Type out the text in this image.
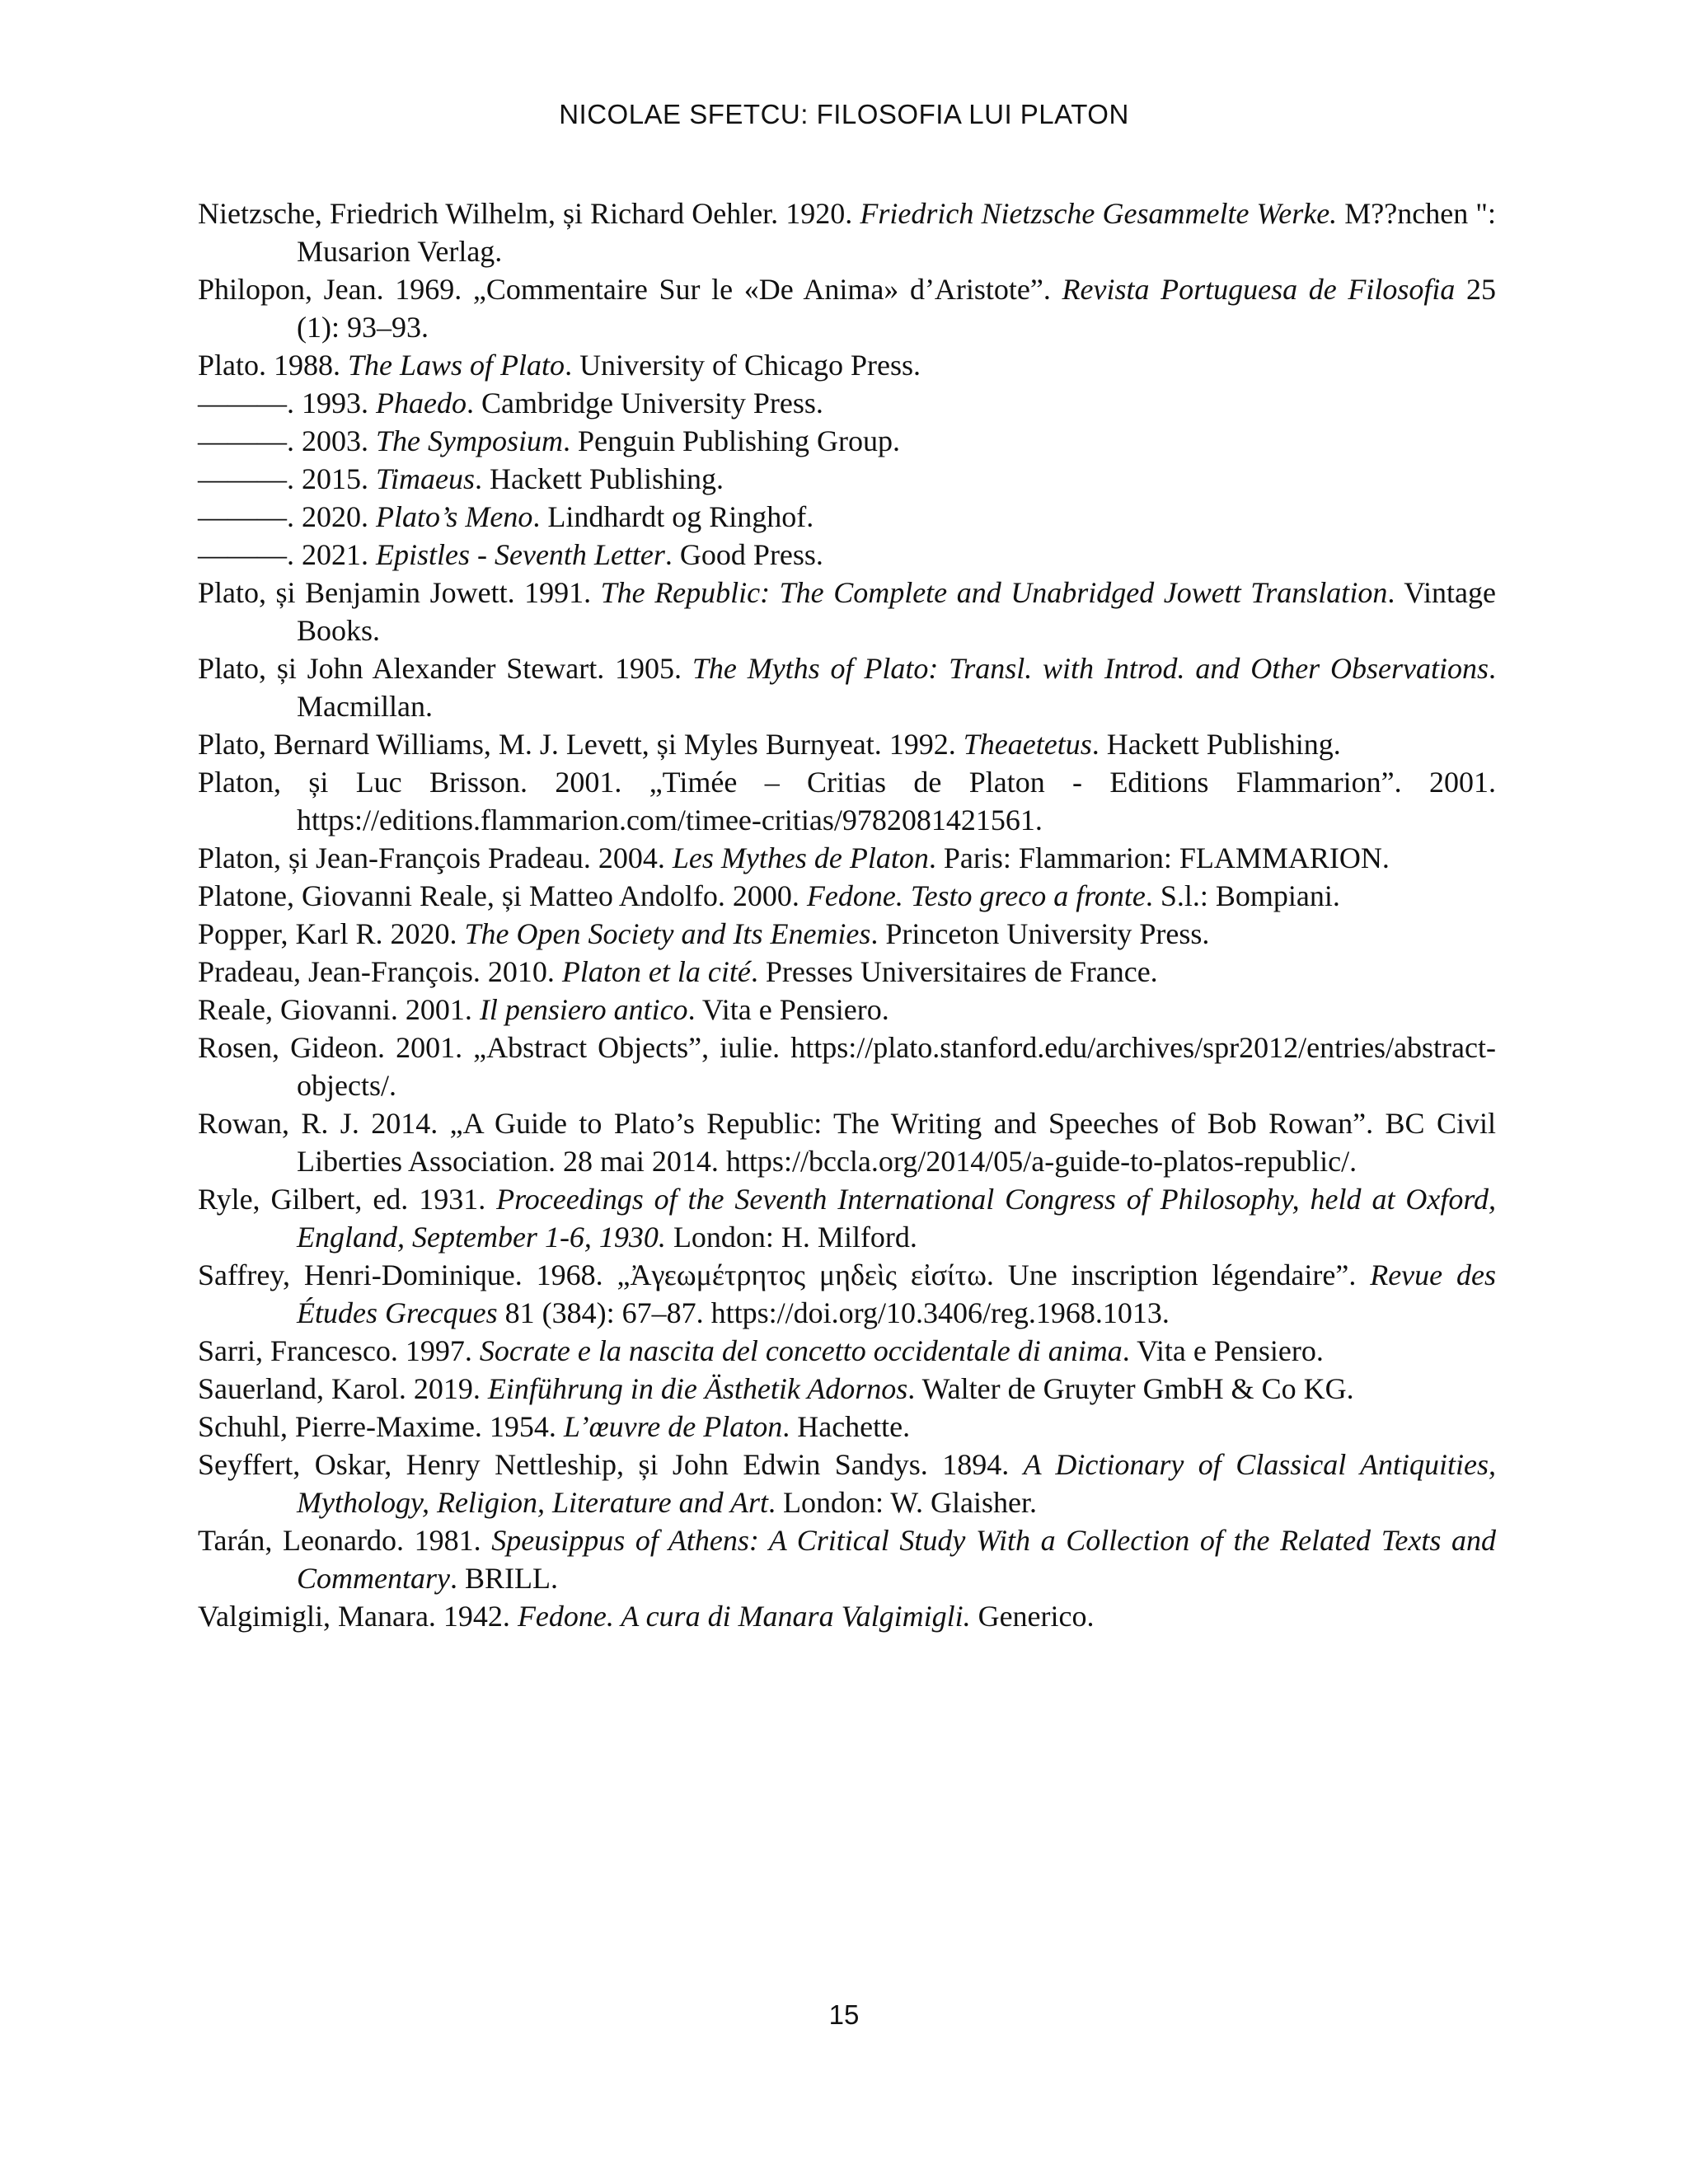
NICOLAE SFETCU: FILOSOFIA LUI PLATON

Nietzsche, Friedrich Wilhelm, și Richard Oehler. 1920. Friedrich Nietzsche Gesammelte Werke. M??nchen ": Musarion Verlag.

Philopon, Jean. 1969. „Commentaire Sur le «De Anima» d’Aristote”. Revista Portuguesa de Filosofia 25 (1): 93–93.

Plato. 1988. The Laws of Plato. University of Chicago Press.

———. 1993. Phaedo. Cambridge University Press.

———. 2003. The Symposium. Penguin Publishing Group.

———. 2015. Timaeus. Hackett Publishing.

———. 2020. Plato’s Meno. Lindhardt og Ringhof.

———. 2021. Epistles - Seventh Letter. Good Press.

Plato, și Benjamin Jowett. 1991. The Republic: The Complete and Unabridged Jowett Translation. Vintage Books.

Plato, și John Alexander Stewart. 1905. The Myths of Plato: Transl. with Introd. and Other Observations. Macmillan.

Plato, Bernard Williams, M. J. Levett, și Myles Burnyeat. 1992. Theaetetus. Hackett Publishing.

Platon, și Luc Brisson. 2001. „Timée – Critias de Platon - Editions Flammarion”. 2001. https://editions.flammarion.com/timee-critias/9782081421561.

Platon, și Jean-François Pradeau. 2004. Les Mythes de Platon. Paris: Flammarion: FLAMMARION.

Platone, Giovanni Reale, și Matteo Andolfo. 2000. Fedone. Testo greco a fronte. S.l.: Bompiani.

Popper, Karl R. 2020. The Open Society and Its Enemies. Princeton University Press.

Pradeau, Jean-François. 2010. Platon et la cité. Presses Universitaires de France.

Reale, Giovanni. 2001. Il pensiero antico. Vita e Pensiero.

Rosen, Gideon. 2001. „Abstract Objects”, iulie. https://plato.stanford.edu/archives/spr2012/entries/abstract-objects/.

Rowan, R. J. 2014. „A Guide to Plato’s Republic: The Writing and Speeches of Bob Rowan”. BC Civil Liberties Association. 28 mai 2014. https://bccla.org/2014/05/a-guide-to-platos-republic/.

Ryle, Gilbert, ed. 1931. Proceedings of the Seventh International Congress of Philosophy, held at Oxford, England, September 1-6, 1930. London: H. Milford.

Saffrey, Henri-Dominique. 1968. „Ἀγεωμέτρητος μηδεὶς εἰσίτω. Une inscription légendaire”. Revue des Études Grecques 81 (384): 67–87. https://doi.org/10.3406/reg.1968.1013.

Sarri, Francesco. 1997. Socrate e la nascita del concetto occidentale di anima. Vita e Pensiero.

Sauerland, Karol. 2019. Einführung in die Ästhetik Adornos. Walter de Gruyter GmbH & Co KG.

Schuhl, Pierre-Maxime. 1954. L’œuvre de Platon. Hachette.

Seyffert, Oskar, Henry Nettleship, și John Edwin Sandys. 1894. A Dictionary of Classical Antiquities, Mythology, Religion, Literature and Art. London: W. Glaisher.

Tarán, Leonardo. 1981. Speusippus of Athens: A Critical Study With a Collection of the Related Texts and Commentary. BRILL.

Valgimigli, Manara. 1942. Fedone. A cura di Manara Valgimigli. Generico.

15
